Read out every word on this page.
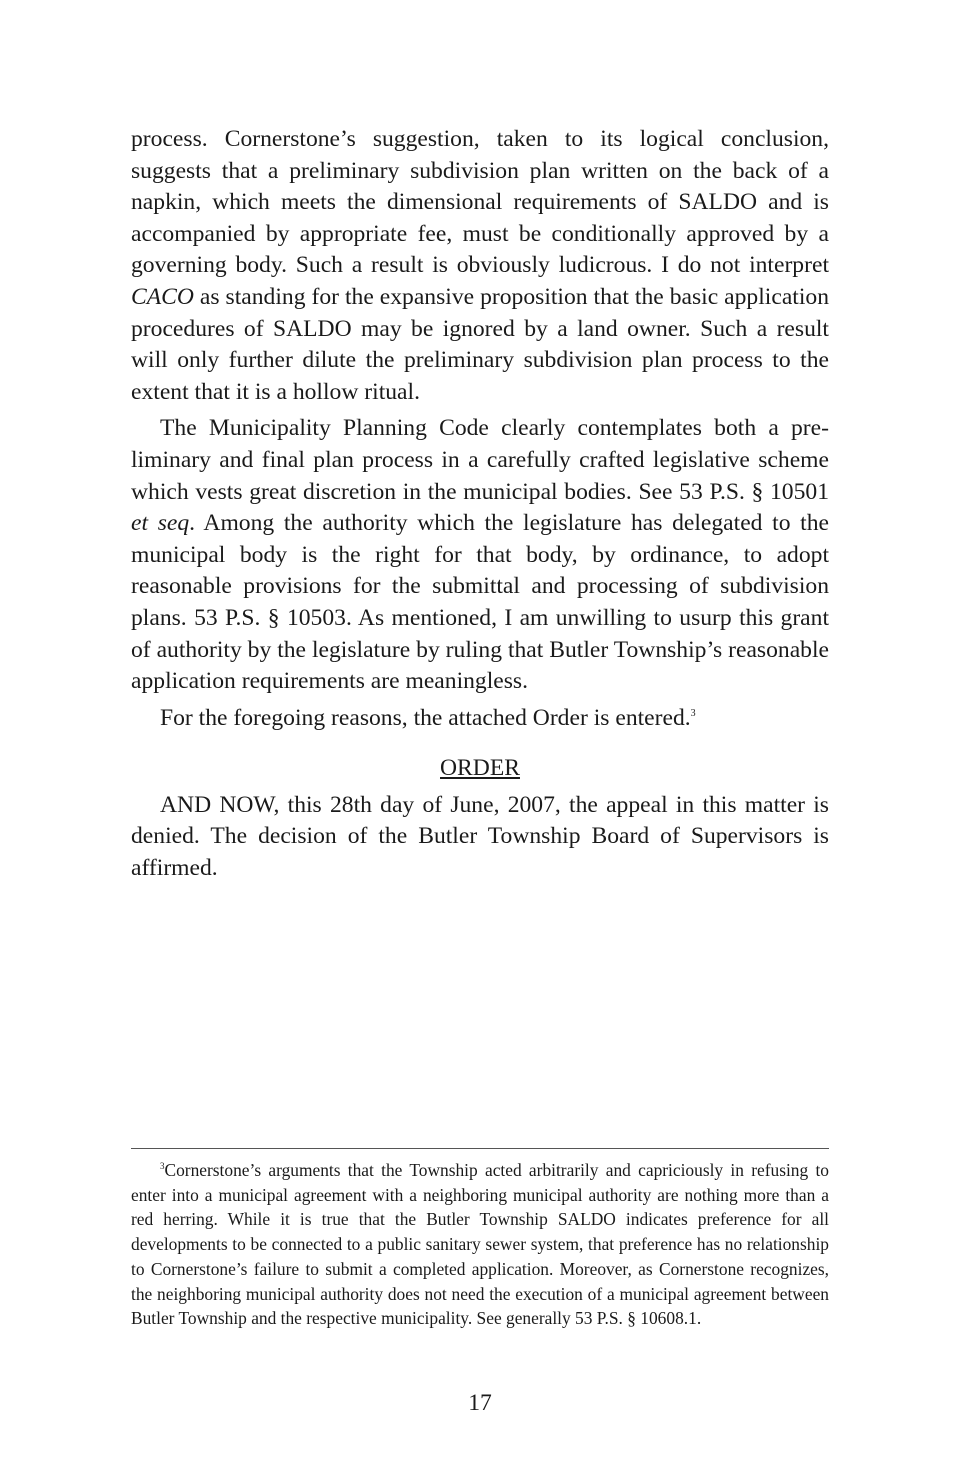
process. Cornerstone’s suggestion, taken to its logical conclusion, suggests that a preliminary subdivision plan written on the back of a napkin, which meets the dimensional requirements of SALDO and is accompanied by appropriate fee, must be conditionally approved by a governing body. Such a result is obviously ludicrous. I do not interpret CACO as standing for the expansive proposition that the basic application procedures of SALDO may be ignored by a land owner. Such a result will only further dilute the preliminary subdivision plan process to the extent that it is a hollow ritual.

The Municipality Planning Code clearly contemplates both a preliminary and final plan process in a carefully crafted legislative scheme which vests great discretion in the municipal bodies. See 53 P.S. § 10501 et seq. Among the authority which the legislature has delegated to the municipal body is the right for that body, by ordinance, to adopt reasonable provisions for the submittal and processing of subdivision plans. 53 P.S. § 10503. As mentioned, I am unwilling to usurp this grant of authority by the legislature by ruling that Butler Township’s reasonable application requirements are meaningless.

For the foregoing reasons, the attached Order is entered.$^3$

ORDER

AND NOW, this 28th day of June, 2007, the appeal in this matter is denied. The decision of the Butler Township Board of Supervisors is affirmed.

$^3$Cornerstone’s arguments that the Township acted arbitrarily and capriciously in refusing to enter into a municipal agreement with a neighboring municipal authority are nothing more than a red herring. While it is true that the Butler Township SALDO indicates preference for all developments to be connected to a public sanitary sewer system, that preference has no relationship to Cornerstone’s failure to submit a completed application. Moreover, as Cornerstone recognizes, the neighboring municipal authority does not need the execution of a municipal agreement between Butler Township and the respective municipality. See generally 53 P.S. § 10608.1.

17
